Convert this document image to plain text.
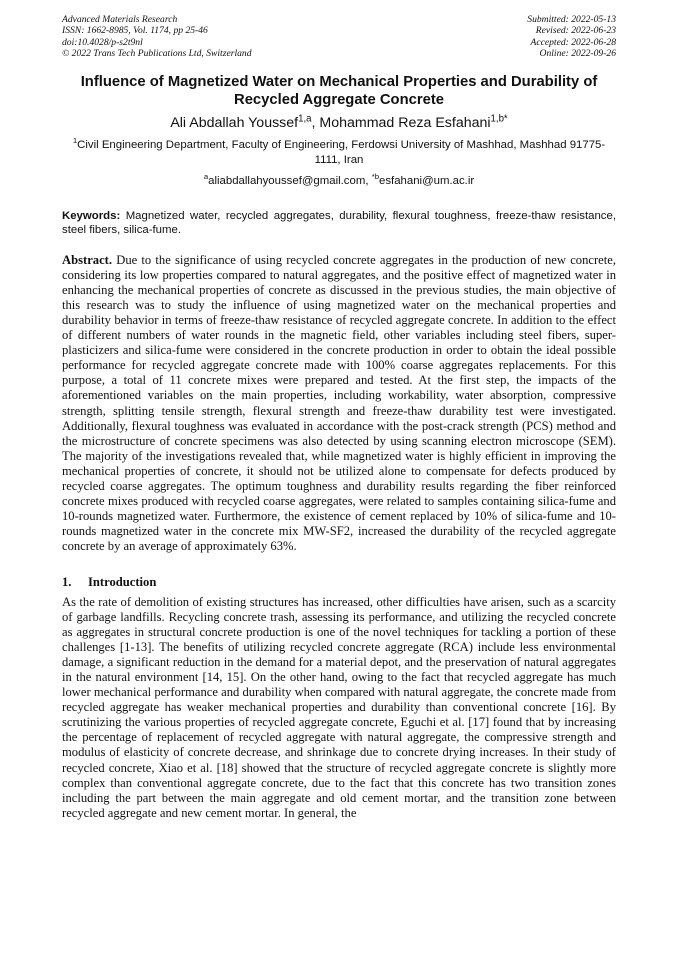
Advanced Materials Research
ISSN: 1662-8985, Vol. 1174, pp 25-46
doi:10.4028/p-s2t9nl
© 2022 Trans Tech Publications Ltd, Switzerland
Submitted: 2022-05-13
Revised: 2022-06-23
Accepted: 2022-06-28
Online: 2022-09-26
Influence of Magnetized Water on Mechanical Properties and Durability of Recycled Aggregate Concrete
Ali Abdallah Youssef$^{1,a}$, Mohammad Reza Esfahani$^{1,b*}$
$^1$Civil Engineering Department, Faculty of Engineering, Ferdowsi University of Mashhad, Mashhad 91775-1111, Iran
$^a$aliabdallahyoussef@gmail.com, $^{*b}$esfahani@um.ac.ir
Keywords: Magnetized water, recycled aggregates, durability, flexural toughness, freeze-thaw resistance, steel fibers, silica-fume.
Abstract. Due to the significance of using recycled concrete aggregates in the production of new concrete, considering its low properties compared to natural aggregates, and the positive effect of magnetized water in enhancing the mechanical properties of concrete as discussed in the previous studies, the main objective of this research was to study the influence of using magnetized water on the mechanical properties and durability behavior in terms of freeze-thaw resistance of recycled aggregate concrete. In addition to the effect of different numbers of water rounds in the magnetic field, other variables including steel fibers, super-plasticizers and silica-fume were considered in the concrete production in order to obtain the ideal possible performance for recycled aggregate concrete made with 100% coarse aggregates replacements. For this purpose, a total of 11 concrete mixes were prepared and tested. At the first step, the impacts of the aforementioned variables on the main properties, including workability, water absorption, compressive strength, splitting tensile strength, flexural strength and freeze-thaw durability test were investigated. Additionally, flexural toughness was evaluated in accordance with the post-crack strength (PCS) method and the microstructure of concrete specimens was also detected by using scanning electron microscope (SEM). The majority of the investigations revealed that, while magnetized water is highly efficient in improving the mechanical properties of concrete, it should not be utilized alone to compensate for defects produced by recycled coarse aggregates. The optimum toughness and durability results regarding the fiber reinforced concrete mixes produced with recycled coarse aggregates, were related to samples containing silica-fume and 10-rounds magnetized water. Furthermore, the existence of cement replaced by 10% of silica-fume and 10-rounds magnetized water in the concrete mix MW-SF2, increased the durability of the recycled aggregate concrete by an average of approximately 63%.
1. Introduction
As the rate of demolition of existing structures has increased, other difficulties have arisen, such as a scarcity of garbage landfills. Recycling concrete trash, assessing its performance, and utilizing the recycled concrete as aggregates in structural concrete production is one of the novel techniques for tackling a portion of these challenges [1-13]. The benefits of utilizing recycled concrete aggregate (RCA) include less environmental damage, a significant reduction in the demand for a material depot, and the preservation of natural aggregates in the natural environment [14, 15]. On the other hand, owing to the fact that recycled aggregate has much lower mechanical performance and durability when compared with natural aggregate, the concrete made from recycled aggregate has weaker mechanical properties and durability than conventional concrete [16]. By scrutinizing the various properties of recycled aggregate concrete, Eguchi et al. [17] found that by increasing the percentage of replacement of recycled aggregate with natural aggregate, the compressive strength and modulus of elasticity of concrete decrease, and shrinkage due to concrete drying increases. In their study of recycled concrete, Xiao et al. [18] showed that the structure of recycled aggregate concrete is slightly more complex than conventional aggregate concrete, due to the fact that this concrete has two transition zones including the part between the main aggregate and old cement mortar, and the transition zone between recycled aggregate and new cement mortar. In general, the
